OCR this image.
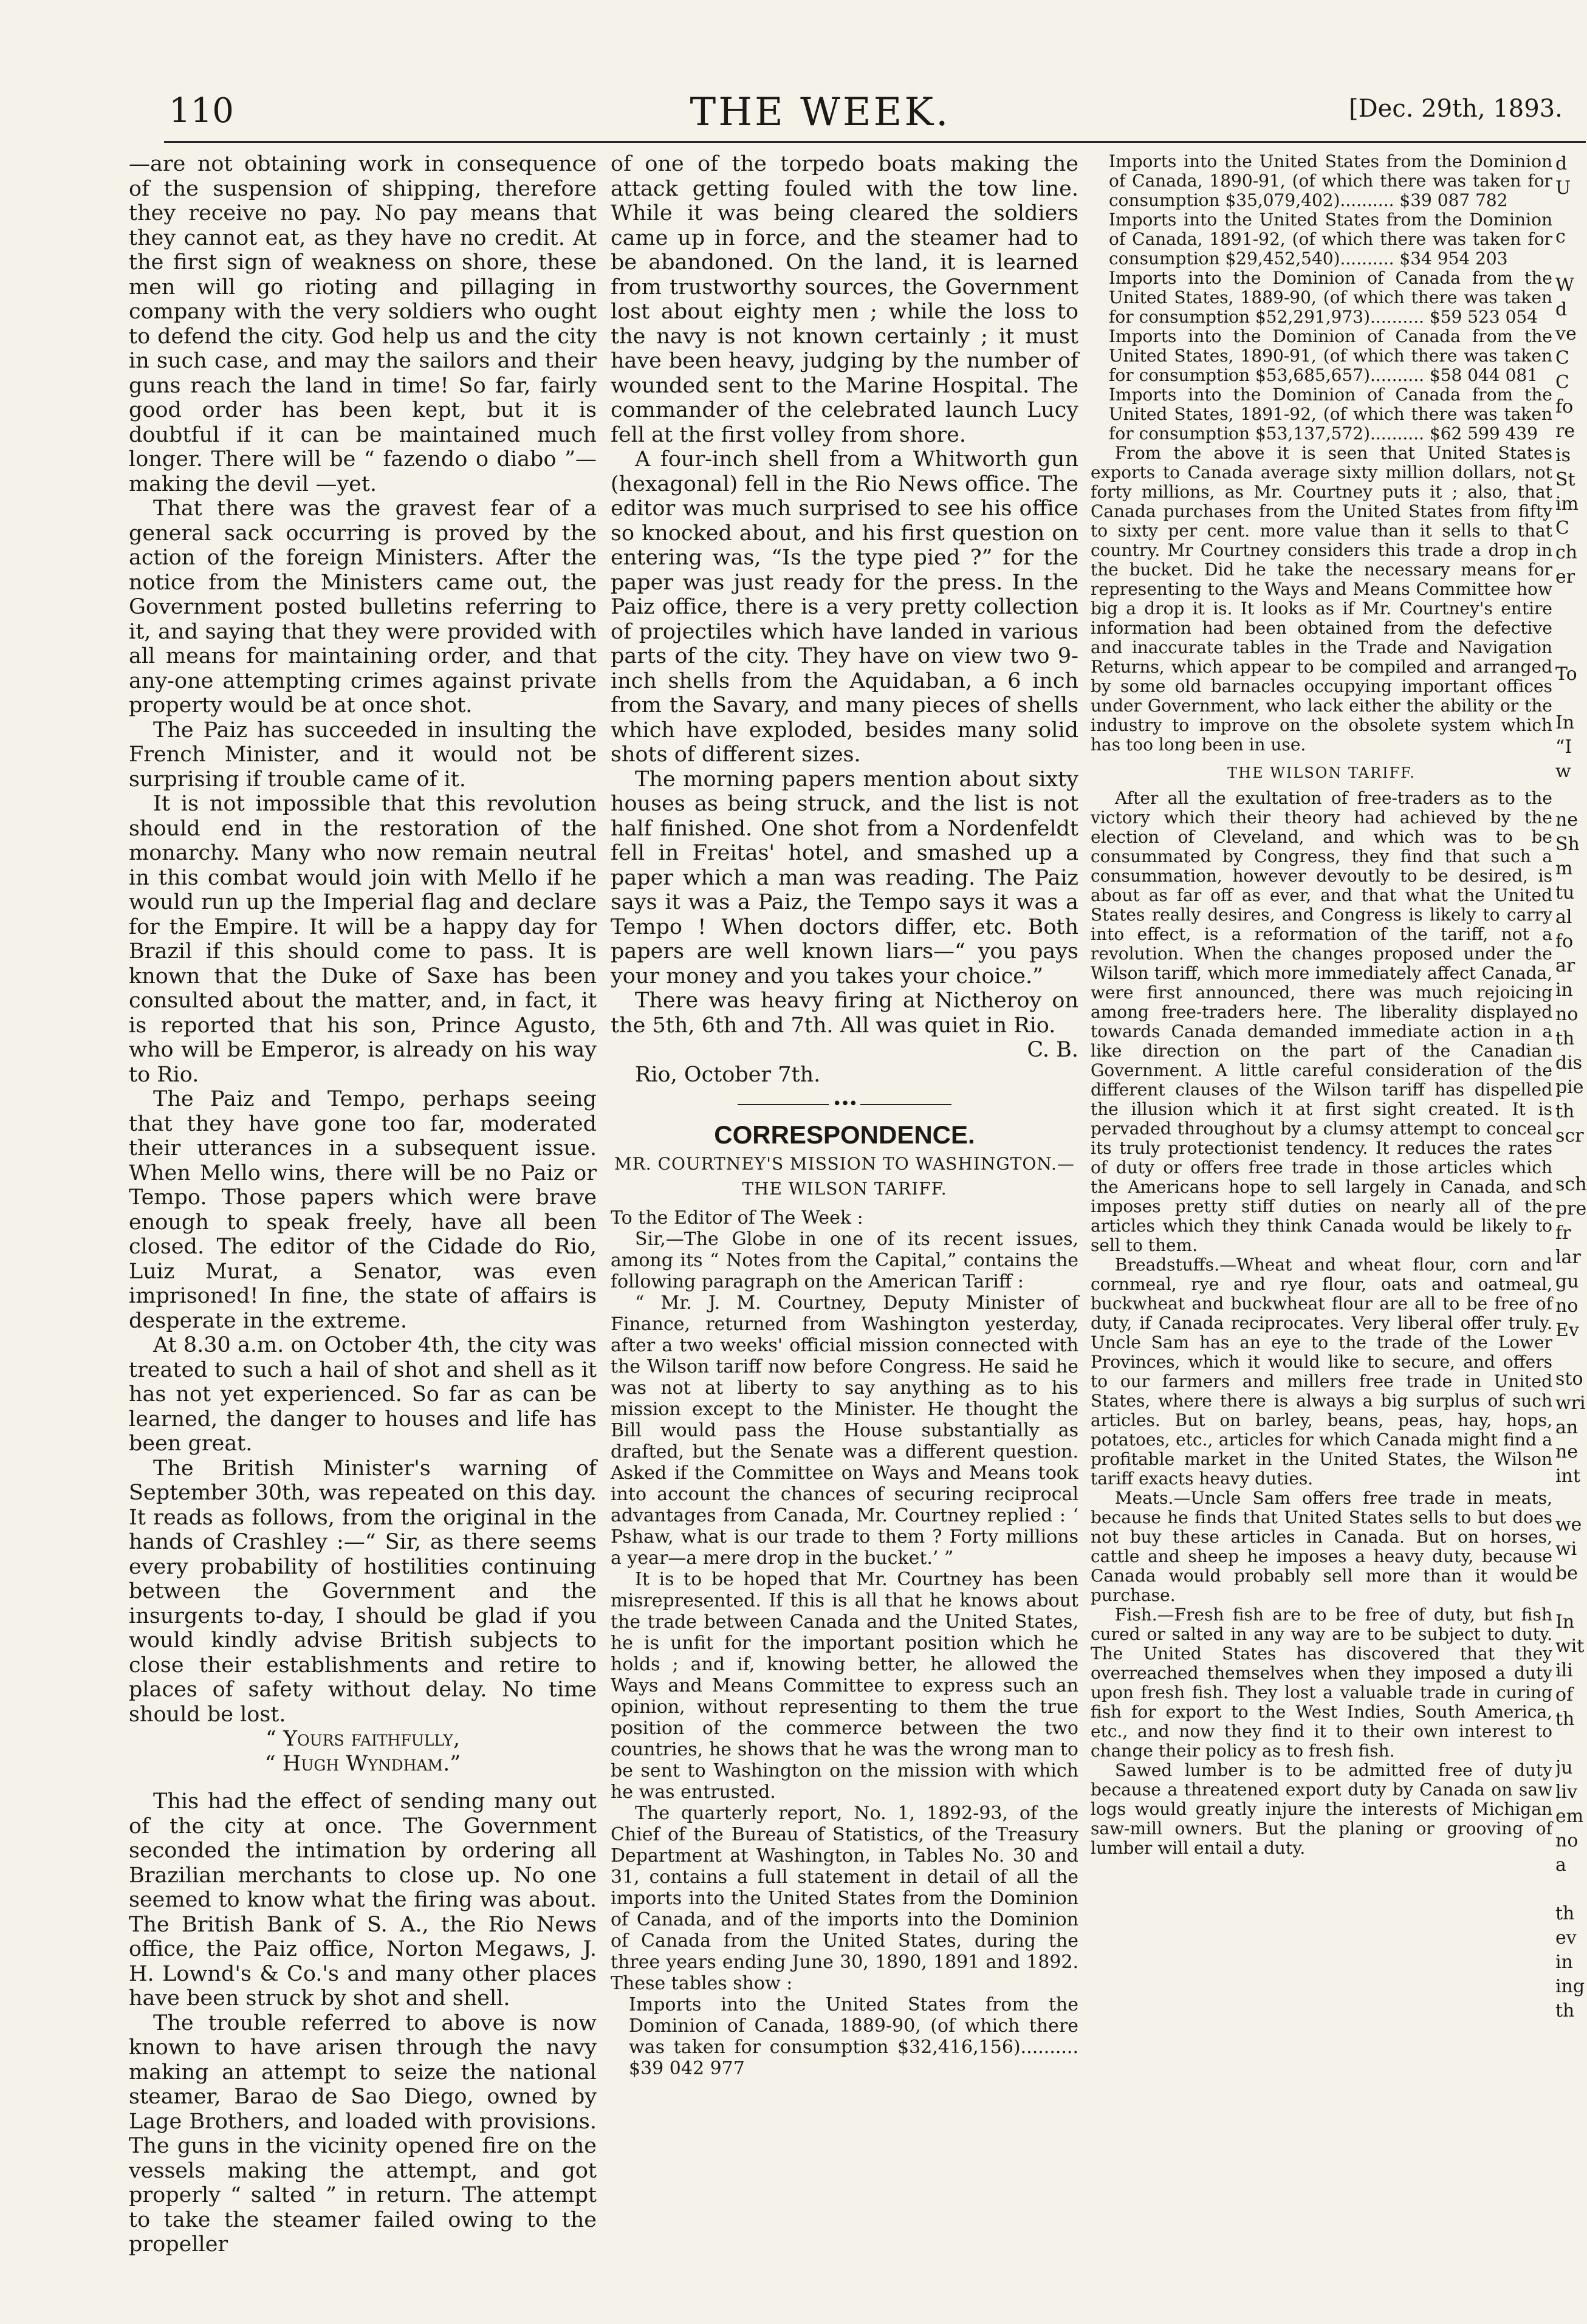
110	THE WEEK.	[Dec. 29th, 1893.

—are not obtaining work in consequence of the suspension of shipping, therefore they receive no pay. No pay means that they cannot eat, as they have no credit. At the first sign of weakness on shore, these men will go rioting and pillaging in company with the very soldiers who ought to defend the city. God help us and the city in such case, and may the sailors and their guns reach the land in time! So far, fairly good order has been kept, but it is doubtful if it can be maintained much longer. There will be “ fazendo o diabo ”—making the devil —yet.

That there was the gravest fear of a general sack occurring is proved by the action of the foreign Ministers. After the notice from the Ministers came out, the Government posted bulletins referring to it, and saying that they were provided with all means for maintaining order, and that any-one attempting crimes against private property would be at once shot.

The Paiz has succeeded in insulting the French Minister, and it would not be surprising if trouble came of it.

It is not impossible that this revolution should end in the restoration of the monarchy. Many who now remain neutral in this combat would join with Mello if he would run up the Imperial flag and declare for the Empire. It will be a happy day for Brazil if this should come to pass. It is known that the Duke of Saxe has been consulted about the matter, and, in fact, it is reported that his son, Prince Agusto, who will be Emperor, is already on his way to Rio.

The Paiz and Tempo, perhaps seeing that they have gone too far, moderated their utterances in a subsequent issue. When Mello wins, there will be no Paiz or Tempo. Those papers which were brave enough to speak freely, have all been closed. The editor of the Cidade do Rio, Luiz Murat, a Senator, was even imprisoned! In fine, the state of affairs is desperate in the extreme.

At 8.30 a.m. on October 4th, the city was treated to such a hail of shot and shell as it has not yet experienced. So far as can be learned, the danger to houses and life has been great.

The British Minister's warning of September 30th, was repeated on this day. It reads as follows, from the original in the hands of Crashley :—“ Sir, as there seems every probability of hostilities continuing between the Government and the insurgents to-day, I should be glad if you would kindly advise British subjects to close their establishments and retire to places of safety without delay. No time should be lost.

“ Yours faithfully,

“ Hugh Wyndham.”

This had the effect of sending many out of the city at once. The Government seconded the intimation by ordering all Brazilian merchants to close up. No one seemed to know what the firing was about. The British Bank of S. A., the Rio News office, the Paiz office, Norton Megaws, J. H. Lownd's & Co.'s and many other places have been struck by shot and shell.

The trouble referred to above is now known to have arisen through the navy making an attempt to seize the national steamer, Barao de Sao Diego, owned by Lage Brothers, and loaded with provisions. The guns in the vicinity opened fire on the vessels making the attempt, and got properly “ salted ” in return. The attempt to take the steamer failed owing to the propeller

of one of the torpedo boats making the attack getting fouled with the tow line. While it was being cleared the soldiers came up in force, and the steamer had to be abandoned. On the land, it is learned from trustworthy sources, the Government lost about eighty men ; while the loss to the navy is not known certainly ; it must have been heavy, judging by the number of wounded sent to the Marine Hospital. The commander of the celebrated launch Lucy fell at the first volley from shore.

A four-inch shell from a Whitworth gun (hexagonal) fell in the Rio News office. The editor was much surprised to see his office so knocked about, and his first question on entering was, “Is the type pied ?” for the paper was just ready for the press. In the Paiz office, there is a very pretty collection of projectiles which have landed in various parts of the city. They have on view two 9-inch shells from the Aquidaban, a 6 inch from the Savary, and many pieces of shells which have exploded, besides many solid shots of different sizes.

The morning papers mention about sixty houses as being struck, and the list is not half finished. One shot from a Nordenfeldt fell in Freitas' hotel, and smashed up a paper which a man was reading. The Paiz says it was a Paiz, the Tempo says it was a Tempo ! When doctors differ, etc. Both papers are well known liars—“ you pays your money and you takes your choice.”

There was heavy firing at Nictheroy on the 5th, 6th and 7th. All was quiet in Rio.

C. B.

Rio, October 7th.

•••
CORRESPONDENCE.
MR. COURTNEY'S MISSION TO WASHINGTON.—THE WILSON TARIFF.

To the Editor of The Week :

Sir,—The Globe in one of its recent issues, among its “ Notes from the Capital,” contains the following paragraph on the American Tariff :

“ Mr. J. M. Courtney, Deputy Minister of Finance, returned from Washington yesterday, after a two weeks' official mission connected with the Wilson tariff now before Congress. He said he was not at liberty to say anything as to his mission except to the Minister. He thought the Bill would pass the House substantially as drafted, but the Senate was a different question. Asked if the Committee on Ways and Means took into account the chances of securing reciprocal advantages from Canada, Mr. Courtney replied : ‘ Pshaw, what is our trade to them ? Forty millions a year—a mere drop in the bucket.’ ”

It is to be hoped that Mr. Courtney has been misrepresented. If this is all that he knows about the trade between Canada and the United States, he is unfit for the important position which he holds ; and if, knowing better, he allowed the Ways and Means Committee to express such an opinion, without representing to them the true position of the commerce between the two countries, he shows that he was the wrong man to be sent to Washington on the mission with which he was entrusted.

The quarterly report, No. 1, 1892-93, of the Chief of the Bureau of Statistics, of the Treasury Department at Washington, in Tables No. 30 and 31, contains a full statement in detail of all the imports into the United States from the Dominion of Canada, and of the imports into the Dominion of Canada from the United States, during the three years ending June 30, 1890, 1891 and 1892. These tables show :

Imports into the United States from the Dominion of Canada, 1889-90, (of which there was taken for consumption $32,416,156).......... $39 042 977

Imports into the United States from the Dominion of Canada, 1890-91, (of which there was taken for consumption $35,079,402).......... $39 087 782

Imports into the United States from the Dominion of Canada, 1891-92, (of which there was taken for consumption $29,452,540).......... $34 954 203

Imports into the Dominion of Canada from the United States, 1889-90, (of which there was taken for consumption $52,291,973).......... $59 523 054

Imports into the Dominion of Canada from the United States, 1890-91, (of which there was taken for consumption $53,685,657).......... $58 044 081

Imports into the Dominion of Canada from the United States, 1891-92, (of which there was taken for consumption $53,137,572).......... $62 599 439

From the above it is seen that United States exports to Canada average sixty million dollars, not forty millions, as Mr. Courtney puts it ; also, that Canada purchases from the United States from fifty to sixty per cent. more value than it sells to that country. Mr Courtney considers this trade a drop in the bucket. Did he take the necessary means for representing to the Ways and Means Committee how big a drop it is. It looks as if Mr. Courtney's entire information had been obtained from the defective and inaccurate tables in the Trade and Navigation Returns, which appear to be compiled and arranged by some old barnacles occupying important offices under Government, who lack either the ability or the industry to improve on the obsolete system which has too long been in use.

THE WILSON TARIFF.

After all the exultation of free-traders as to the victory which their theory had achieved by the election of Cleveland, and which was to be consummated by Congress, they find that such a consummation, however devoutly to be desired, is about as far off as ever, and that what the United States really desires, and Congress is likely to carry into effect, is a reformation of the tariff, not a revolution. When the changes proposed under the Wilson tariff, which more immediately affect Canada, were first announced, there was much rejoicing among free-traders here. The liberality displayed towards Canada demanded immediate action in a like direction on the part of the Canadian Government. A little careful consideration of the different clauses of the Wilson tariff has dispelled the illusion which it at first sight created. It is pervaded throughout by a clumsy attempt to conceal its truly protectionist tendency. It reduces the rates of duty or offers free trade in those articles which the Americans hope to sell largely in Canada, and imposes pretty stiff duties on nearly all of the articles which they think Canada would be likely to sell to them.

Breadstuffs.—Wheat and wheat flour, corn and cornmeal, rye and rye flour, oats and oatmeal, buckwheat and buckwheat flour are all to be free of duty, if Canada reciprocates. Very liberal offer truly. Uncle Sam has an eye to the trade of the Lower Provinces, which it would like to secure, and offers to our farmers and millers free trade in United States, where there is always a big surplus of such articles. But on barley, beans, peas, hay, hops, potatoes, etc., articles for which Canada might find a profitable market in the United States, the Wilson tariff exacts heavy duties.

Meats.—Uncle Sam offers free trade in meats, because he finds that United States sells to but does not buy these articles in Canada. But on horses, cattle and sheep he imposes a heavy duty, because Canada would probably sell more than it would purchase.

Fish.—Fresh fish are to be free of duty, but fish cured or salted in any way are to be subject to duty. The United States has discovered that they overreached themselves when they imposed a duty upon fresh fish. They lost a valuable trade in curing fish for export to the West Indies, South America, etc., and now they find it to their own interest to change their policy as to fresh fish.

Sawed lumber is to be admitted free of duty because a threatened export duty by Canada on saw logs would greatly injure the interests of Michigan saw-mill owners. But the planing or grooving of lumber will entail a duty.

d
U

c

W
d
ve
C
C
fo
re
is
St
im
C
ch
er

To

In
“I
w

ne
Sh
m
tu
al
fo
ar
in
no
th
dis
pie
th
scr

sch
pre
fr
lar
gu
no
Ev

sto
wri
an
ne
int

we
wi
be

In
wit
ili
of
th

ju
liv
em
no
a

th
ev
in
ing
th
